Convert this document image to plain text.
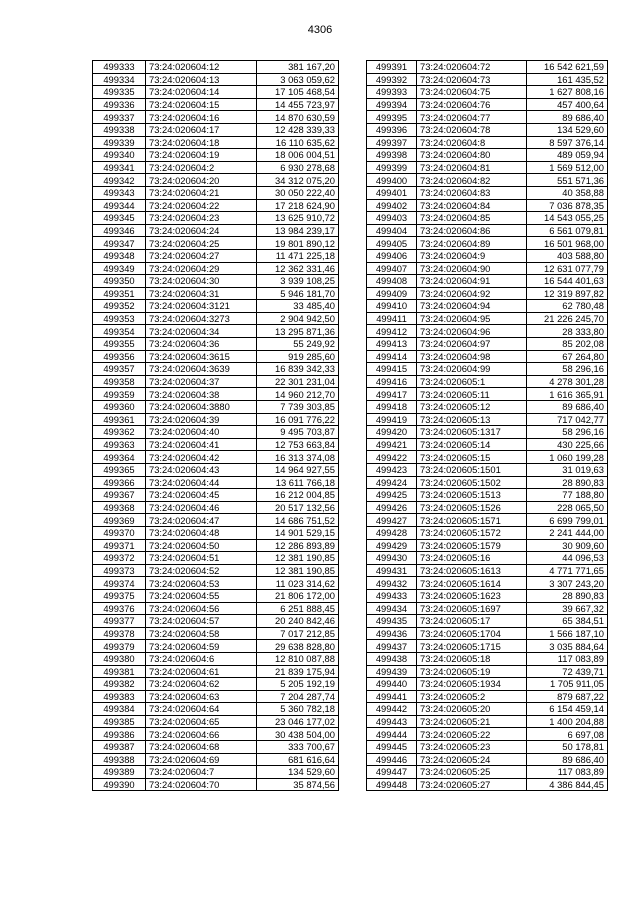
4306
499333	73:24:020604:12	381 167,20
499334	73:24:020604:13	3 063 059,62
499335	73:24:020604:14	17 105 468,54
499336	73:24:020604:15	14 455 723,97
499337	73:24:020604:16	14 870 630,59
499338	73:24:020604:17	12 428 339,33
499339	73:24:020604:18	16 110 635,62
499340	73:24:020604:19	18 006 004,51
499341	73:24:020604:2	6 930 278,68
499342	73:24:020604:20	34 312 075,20
499343	73:24:020604:21	30 050 222,40
499344	73:24:020604:22	17 218 624,90
499345	73:24:020604:23	13 625 910,72
499346	73:24:020604:24	13 984 239,17
499347	73:24:020604:25	19 801 890,12
499348	73:24:020604:27	11 471 225,18
499349	73:24:020604:29	12 362 331,46
499350	73:24:020604:30	3 939 108,25
499351	73:24:020604:31	5 946 181,70
499352	73:24:020604:3121	33 485,40
499353	73:24:020604:3273	2 904 942,50
499354	73:24:020604:34	13 295 871,36
499355	73:24:020604:36	55 249,92
499356	73:24:020604:3615	919 285,60
499357	73:24:020604:3639	16 839 342,33
499358	73:24:020604:37	22 301 231,04
499359	73:24:020604:38	14 960 212,70
499360	73:24:020604:3880	7 739 303,85
499361	73:24:020604:39	16 091 776,22
499362	73:24:020604:40	9 495 703,87
499363	73:24:020604:41	12 753 663,84
499364	73:24:020604:42	16 313 374,08
499365	73:24:020604:43	14 964 927,55
499366	73:24:020604:44	13 611 766,18
499367	73:24:020604:45	16 212 004,85
499368	73:24:020604:46	20 517 132,56
499369	73:24:020604:47	14 686 751,52
499370	73:24:020604:48	14 901 529,15
499371	73:24:020604:50	12 286 893,89
499372	73:24:020604:51	12 381 190,85
499373	73:24:020604:52	12 381 190,85
499374	73:24:020604:53	11 023 314,62
499375	73:24:020604:55	21 806 172,00
499376	73:24:020604:56	6 251 888,45
499377	73:24:020604:57	20 240 842,46
499378	73:24:020604:58	7 017 212,85
499379	73:24:020604:59	29 638 828,80
499380	73:24:020604:6	12 810 087,88
499381	73:24:020604:61	21 839 175,94
499382	73:24:020604:62	5 205 192,19
499383	73:24:020604:63	7 204 287,74
499384	73:24:020604:64	5 360 782,18
499385	73:24:020604:65	23 046 177,02
499386	73:24:020604:66	30 438 504,00
499387	73:24:020604:68	333 700,67
499388	73:24:020604:69	681 616,64
499389	73:24:020604:7	134 529,60
499390	73:24:020604:70	35 874,56
499391	73:24:020604:72	16 542 621,59
499392	73:24:020604:73	161 435,52
499393	73:24:020604:75	1 627 808,16
499394	73:24:020604:76	457 400,64
499395	73:24:020604:77	89 686,40
499396	73:24:020604:78	134 529,60
499397	73:24:020604:8	8 597 376,14
499398	73:24:020604:80	489 059,94
499399	73:24:020604:81	1 569 512,00
499400	73:24:020604:82	551 571,36
499401	73:24:020604:83	40 358,88
499402	73:24:020604:84	7 036 878,35
499403	73:24:020604:85	14 543 055,25
499404	73:24:020604:86	6 561 079,81
499405	73:24:020604:89	16 501 968,00
499406	73:24:020604:9	403 588,80
499407	73:24:020604:90	12 631 077,79
499408	73:24:020604:91	16 544 401,63
499409	73:24:020604:92	12 319 897,82
499410	73:24:020604:94	62 780,48
499411	73:24:020604:95	21 226 245,70
499412	73:24:020604:96	28 333,80
499413	73:24:020604:97	85 202,08
499414	73:24:020604:98	67 264,80
499415	73:24:020604:99	58 296,16
499416	73:24:020605:1	4 278 301,28
499417	73:24:020605:11	1 616 365,91
499418	73:24:020605:12	89 686,40
499419	73:24:020605:13	717 042,77
499420	73:24:020605:1317	58 296,16
499421	73:24:020605:14	430 225,66
499422	73:24:020605:15	1 060 199,28
499423	73:24:020605:1501	31 019,63
499424	73:24:020605:1502	28 890,83
499425	73:24:020605:1513	77 188,80
499426	73:24:020605:1526	228 065,50
499427	73:24:020605:1571	6 699 799,01
499428	73:24:020605:1572	2 241 444,00
499429	73:24:020605:1579	30 909,60
499430	73:24:020605:16	44 096,53
499431	73:24:020605:1613	4 771 771,65
499432	73:24:020605:1614	3 307 243,20
499433	73:24:020605:1623	28 890,83
499434	73:24:020605:1697	39 667,32
499435	73:24:020605:17	65 384,51
499436	73:24:020605:1704	1 566 187,10
499437	73:24:020605:1715	3 035 884,64
499438	73:24:020605:18	117 083,89
499439	73:24:020605:19	72 439,71
499440	73:24:020605:1934	1 705 911,05
499441	73:24:020605:2	879 687,22
499442	73:24:020605:20	6 154 459,14
499443	73:24:020605:21	1 400 204,88
499444	73:24:020605:22	6 697,08
499445	73:24:020605:23	50 178,81
499446	73:24:020605:24	89 686,40
499447	73:24:020605:25	117 083,89
499448	73:24:020605:27	4 386 844,45
